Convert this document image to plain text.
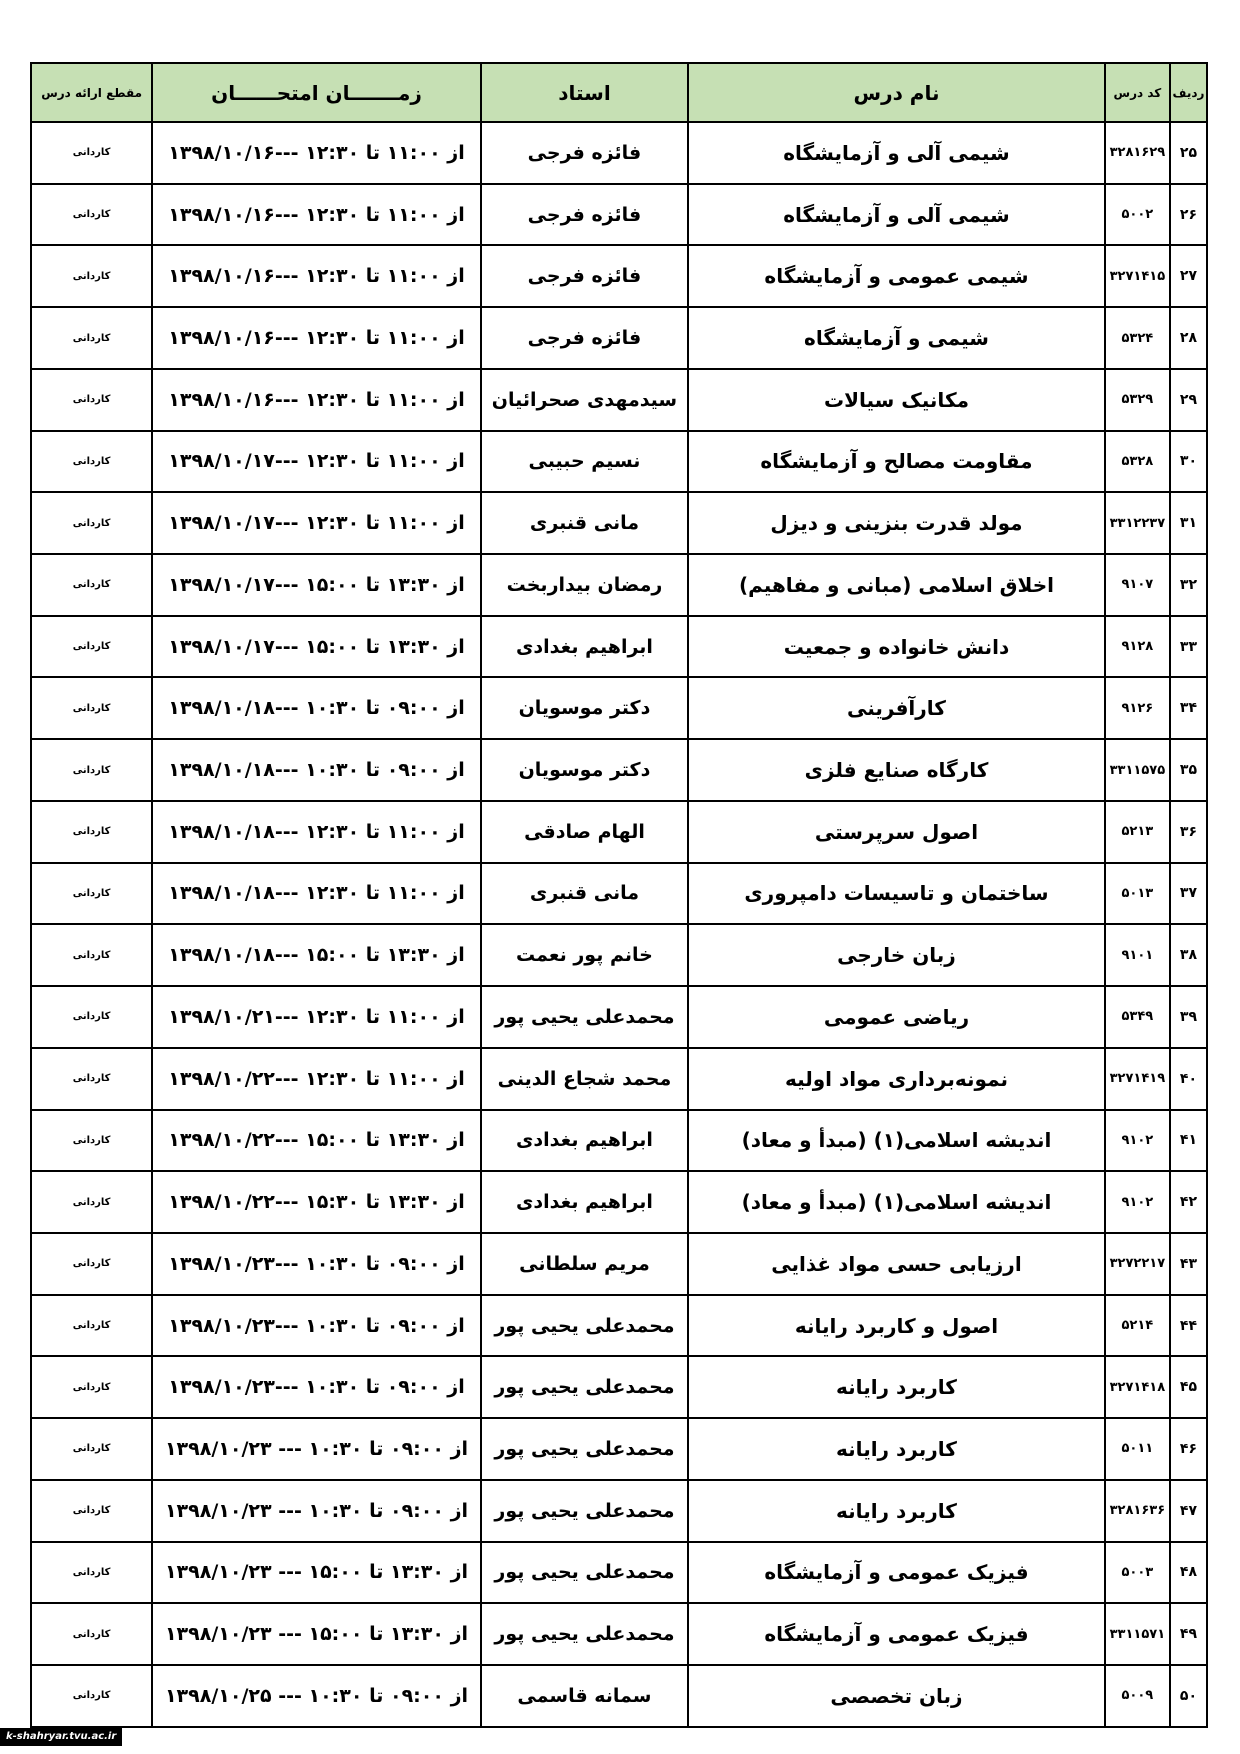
ردیف	کد درس	نام درس	استاد	زمـــــــان امتحــــــان	مقطع ارائه درس
۲۵	۳۲۸۱۶۲۹	شیمی آلی و آزمایشگاه	فائزه فرجی	از ۱۱:۰۰ تا ۱۲:۳۰ ---۱۳۹۸/۱۰/۱۶	کاردانی
۲۶	۵۰۰۲	شیمی آلی و آزمایشگاه	فائزه فرجی	از ۱۱:۰۰ تا ۱۲:۳۰ ---۱۳۹۸/۱۰/۱۶	کاردانی
۲۷	۳۲۷۱۴۱۵	شیمی عمومی و آزمایشگاه	فائزه فرجی	از ۱۱:۰۰ تا ۱۲:۳۰ ---۱۳۹۸/۱۰/۱۶	کاردانی
۲۸	۵۳۲۴	شیمی و آزمایشگاه	فائزه فرجی	از ۱۱:۰۰ تا ۱۲:۳۰ ---۱۳۹۸/۱۰/۱۶	کاردانی
۲۹	۵۳۲۹	مکانیک سیالات	سیدمهدی صحرائیان	از ۱۱:۰۰ تا ۱۲:۳۰ ---۱۳۹۸/۱۰/۱۶	کاردانی
۳۰	۵۳۲۸	مقاومت مصالح و آزمایشگاه	نسیم حبیبی	از ۱۱:۰۰ تا ۱۲:۳۰ ---۱۳۹۸/۱۰/۱۷	کاردانی
۳۱	۳۳۱۲۲۳۷	مولد قدرت بنزینی و دیزل	مانی قنبری	از ۱۱:۰۰ تا ۱۲:۳۰ ---۱۳۹۸/۱۰/۱۷	کاردانی
۳۲	۹۱۰۷	اخلاق اسلامی (مبانی و مفاهیم)	رمضان بیداربخت	از ۱۳:۳۰ تا ۱۵:۰۰ ---۱۳۹۸/۱۰/۱۷	کاردانی
۳۳	۹۱۲۸	دانش خانواده و جمعیت	ابراهیم بغدادی	از ۱۳:۳۰ تا ۱۵:۰۰ ---۱۳۹۸/۱۰/۱۷	کاردانی
۳۴	۹۱۲۶	کارآفرینی	دکتر موسویان	از ۰۹:۰۰ تا ۱۰:۳۰ ---۱۳۹۸/۱۰/۱۸	کاردانی
۳۵	۳۳۱۱۵۷۵	کارگاه صنایع فلزی	دکتر موسویان	از ۰۹:۰۰ تا ۱۰:۳۰ ---۱۳۹۸/۱۰/۱۸	کاردانی
۳۶	۵۲۱۳	اصول سرپرستی	الهام صادقی	از ۱۱:۰۰ تا ۱۲:۳۰ ---۱۳۹۸/۱۰/۱۸	کاردانی
۳۷	۵۰۱۳	ساختمان و تاسیسات دامپروری	مانی قنبری	از ۱۱:۰۰ تا ۱۲:۳۰ ---۱۳۹۸/۱۰/۱۸	کاردانی
۳۸	۹۱۰۱	زبان خارجی	خانم پور نعمت	از ۱۳:۳۰ تا ۱۵:۰۰ ---۱۳۹۸/۱۰/۱۸	کاردانی
۳۹	۵۳۴۹	ریاضی عمومی	محمدعلی یحیی پور	از ۱۱:۰۰ تا ۱۲:۳۰ ---۱۳۹۸/۱۰/۲۱	کاردانی
۴۰	۳۲۷۱۴۱۹	نمونه‌برداری مواد اولیه	محمد شجاع الدینی	از ۱۱:۰۰ تا ۱۲:۳۰ ---۱۳۹۸/۱۰/۲۲	کاردانی
۴۱	۹۱۰۲	اندیشه اسلامی(۱) (مبدأ و معاد)	ابراهیم بغدادی	از ۱۳:۳۰ تا ۱۵:۰۰ ---۱۳۹۸/۱۰/۲۲	کاردانی
۴۲	۹۱۰۲	اندیشه اسلامی(۱) (مبدأ و معاد)	ابراهیم بغدادی	از ۱۳:۳۰ تا ۱۵:۳۰ ---۱۳۹۸/۱۰/۲۲	کاردانی
۴۳	۳۲۷۲۲۱۷	ارزیابی حسی مواد غذایی	مریم سلطانی	از ۰۹:۰۰ تا ۱۰:۳۰ ---۱۳۹۸/۱۰/۲۳	کاردانی
۴۴	۵۲۱۴	اصول و کاربرد رایانه	محمدعلی یحیی پور	از ۰۹:۰۰ تا ۱۰:۳۰ ---۱۳۹۸/۱۰/۲۳	کاردانی
۴۵	۳۲۷۱۴۱۸	کاربرد رایانه	محمدعلی یحیی پور	از ۰۹:۰۰ تا ۱۰:۳۰ ---۱۳۹۸/۱۰/۲۳	کاردانی
۴۶	۵۰۱۱	کاربرد رایانه	محمدعلی یحیی پور	از ۰۹:۰۰ تا ۱۰:۳۰ --- ۱۳۹۸/۱۰/۲۳	کاردانی
۴۷	۳۲۸۱۶۳۶	کاربرد رایانه	محمدعلی یحیی پور	از ۰۹:۰۰ تا ۱۰:۳۰ --- ۱۳۹۸/۱۰/۲۳	کاردانی
۴۸	۵۰۰۳	فیزیک عمومی و آزمایشگاه	محمدعلی یحیی پور	از ۱۳:۳۰ تا ۱۵:۰۰ --- ۱۳۹۸/۱۰/۲۳	کاردانی
۴۹	۳۳۱۱۵۷۱	فیزیک عمومی و آزمایشگاه	محمدعلی یحیی پور	از ۱۳:۳۰ تا ۱۵:۰۰ --- ۱۳۹۸/۱۰/۲۳	کاردانی
۵۰	۵۰۰۹	زبان تخصصی	سمانه قاسمی	از ۰۹:۰۰ تا ۱۰:۳۰ --- ۱۳۹۸/۱۰/۲۵	کاردانی
k-shahryar.tvu.ac.ir
